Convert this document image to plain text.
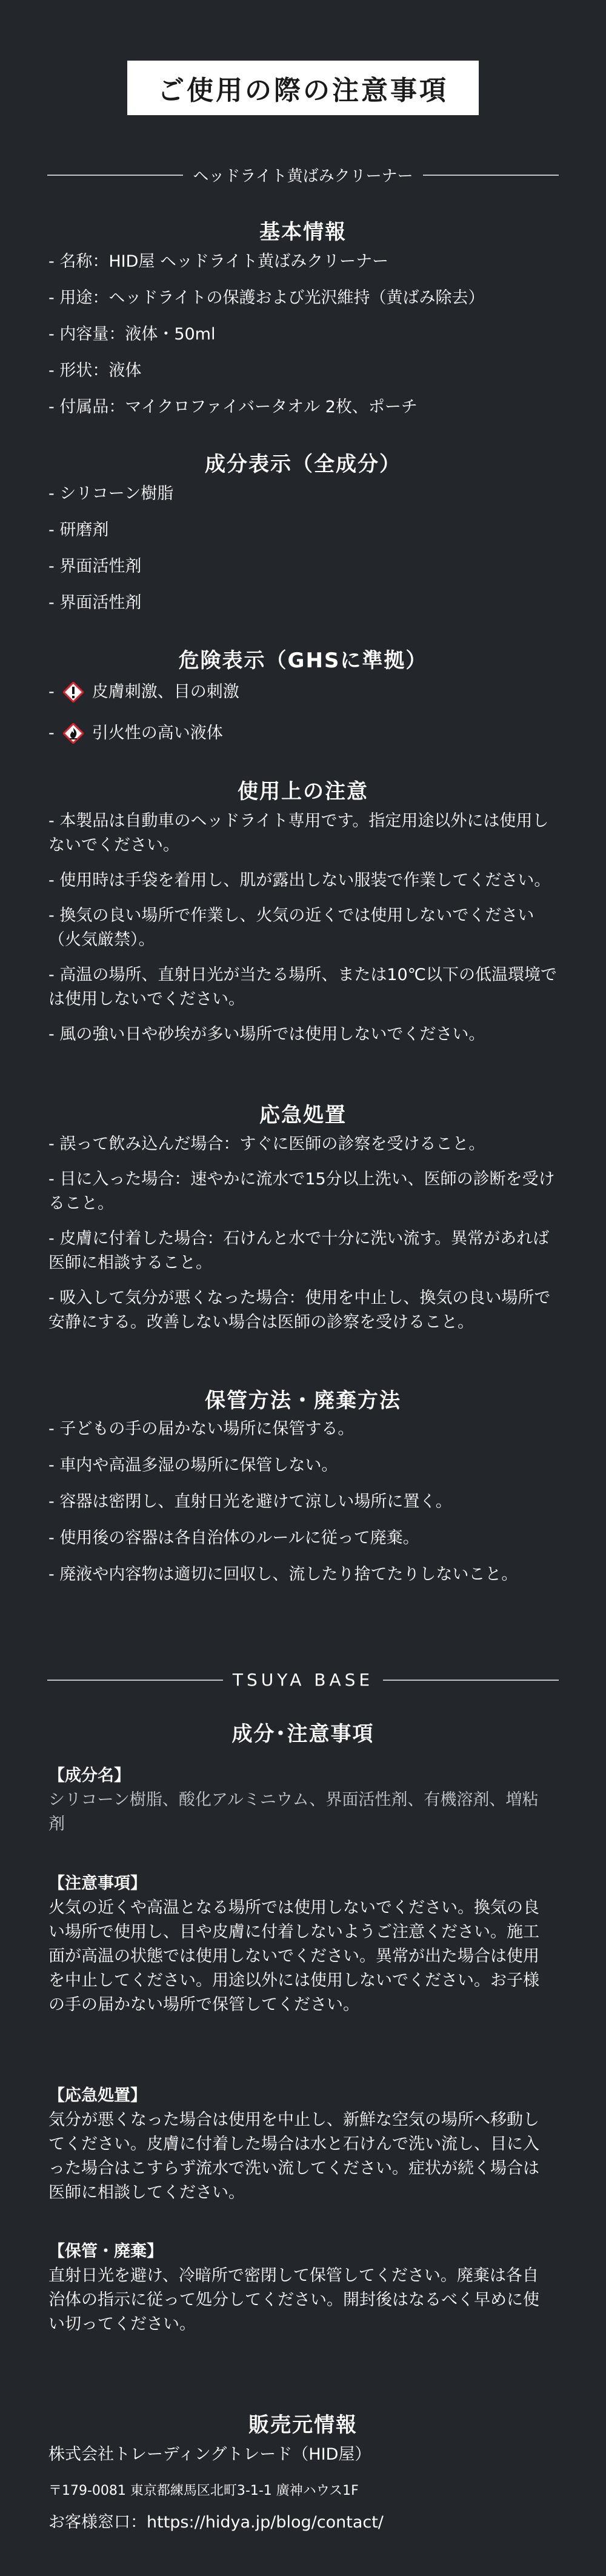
ご使用の際の注意事項
ヘッドライト黄ばみクリーナー
基本情報
- 名称：HID屋 ヘッドライト黄ばみクリーナー
- 用途：ヘッドライトの保護および光沢維持（黄ばみ除去）
- 内容量：液体・50ml
- 形状：液体
- 付属品：マイクロファイバータオル 2枚、ポーチ
成分表示（全成分）
- シリコーン樹脂
- 研磨剤
- 界面活性剤
- 界面活性剤
危険表示（GHSに準拠）
- 皮膚刺激、目の刺激
- 引火性の高い液体
使用上の注意
- 本製品は自動車のヘッドライト専用です。指定用途以外には使用しないでください。
- 使用時は手袋を着用し、肌が露出しない服装で作業してください。
- 換気の良い場所で作業し、火気の近くでは使用しないでください（火気厳禁）。
- 高温の場所、直射日光が当たる場所、または10℃以下の低温環境では使用しないでください。
- 風の強い日や砂埃が多い場所では使用しないでください。
応急処置
- 誤って飲み込んだ場合：すぐに医師の診察を受けること。
- 目に入った場合：速やかに流水で15分以上洗い、医師の診断を受けること。
- 皮膚に付着した場合：石けんと水で十分に洗い流す。異常があれば医師に相談すること。
- 吸入して気分が悪くなった場合：使用を中止し、換気の良い場所で安静にする。改善しない場合は医師の診察を受けること。
保管方法・廃棄方法
- 子どもの手の届かない場所に保管する。
- 車内や高温多湿の場所に保管しない。
- 容器は密閉し、直射日光を避けて涼しい場所に置く。
- 使用後の容器は各自治体のルールに従って廃棄。
- 廃液や内容物は適切に回収し、流したり捨てたりしないこと。
TSUYA BASE
成分･注意事項
【成分名】
シリコーン樹脂、酸化アルミニウム、界面活性剤、有機溶剤、増粘剤
【注意事項】
火気の近くや高温となる場所では使用しないでください。換気の良い場所で使用し、目や皮膚に付着しないようご注意ください。施工面が高温の状態では使用しないでください。異常が出た場合は使用を中止してください。用途以外には使用しないでください。お子様の手の届かない場所で保管してください。
【応急処置】
気分が悪くなった場合は使用を中止し、新鮮な空気の場所へ移動してください。皮膚に付着した場合は水と石けんで洗い流し、目に入った場合はこすらず流水で洗い流してください。症状が続く場合は医師に相談してください。
【保管・廃棄】
直射日光を避け、冷暗所で密閉して保管してください。廃棄は各自治体の指示に従って処分してください。開封後はなるべく早めに使い切ってください。
販売元情報
株式会社トレーディングトレード（HID屋）
〒179-0081 東京都練馬区北町3-1-1 廣神ハウス1F
お客様窓口：https://hidya.jp/blog/contact/
